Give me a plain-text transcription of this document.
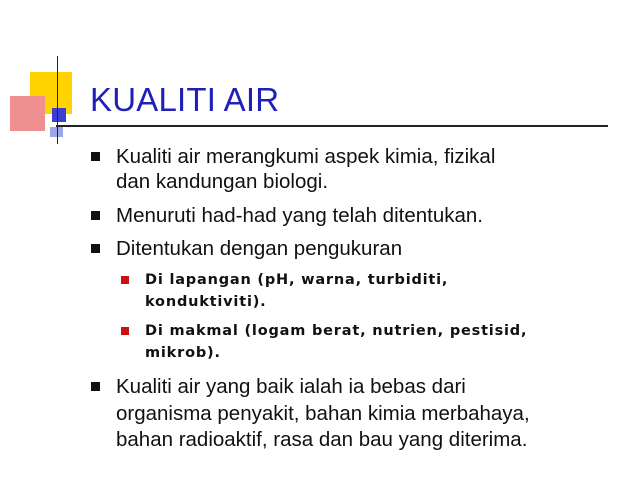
KUALITI AIR
Kualiti air merangkumi aspek kimia, fizikal
dan kandungan biologi.
Menuruti had-had yang telah ditentukan.
Ditentukan dengan pengukuran
Di lapangan (pH, warna, turbiditi,
konduktiviti).
Di makmal (logam berat, nutrien, pestisid,
mikrob).
Kualiti air yang baik ialah ia bebas dari
organisma penyakit, bahan kimia merbahaya,
bahan radioaktif, rasa dan bau yang diterima.
